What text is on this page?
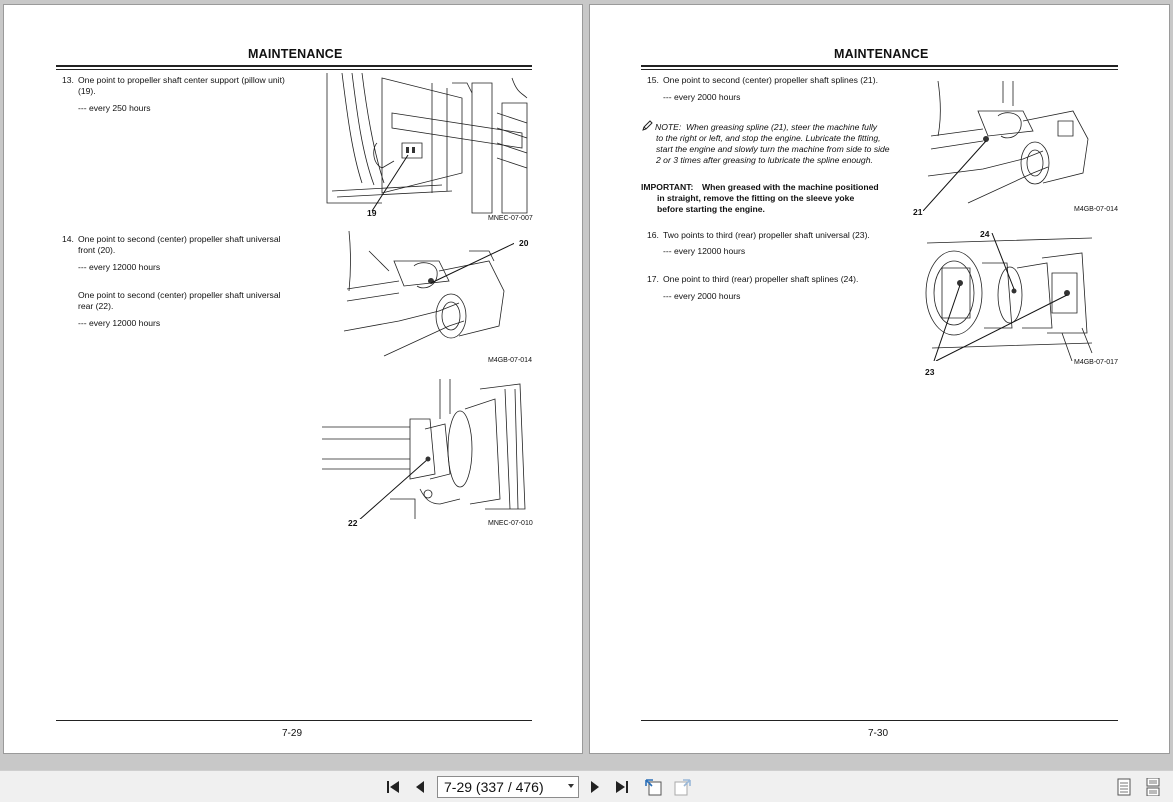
MAINTENANCE
13. One point to propeller shaft center support (pillow unit)
(19).
--- every 250 hours
14. One point to second (center) propeller shaft universal
front (20).
--- every 12000 hours
One point to second (center) propeller shaft universal
rear (22).
--- every 12000 hours
19
MNEC-07-007
20
M4GB-07-014
22	MNEC-07-010
7-29
MAINTENANCE
15. One point to second (center) propeller shaft splines (21).
--- every 2000 hours
NOTE: When greasing spline (21), steer the machine fully
to the right or left, and stop the engine. Lubricate the fitting,
start the engine and slowly turn the machine from side to side
2 or 3 times after greasing to lubricate the spline enough.
IMPORTANT: When greased with the machine positioned
in straight, remove the fitting on the sleeve yoke
before starting the engine.
16. Two points to third (rear) propeller shaft universal (23).
--- every 12000 hours
17. One point to third (rear) propeller shaft splines (24).
--- every 2000 hours
21	M4GB-07-014
24
23
M4GB-07-017
7-30
7-29 (337 / 476)
